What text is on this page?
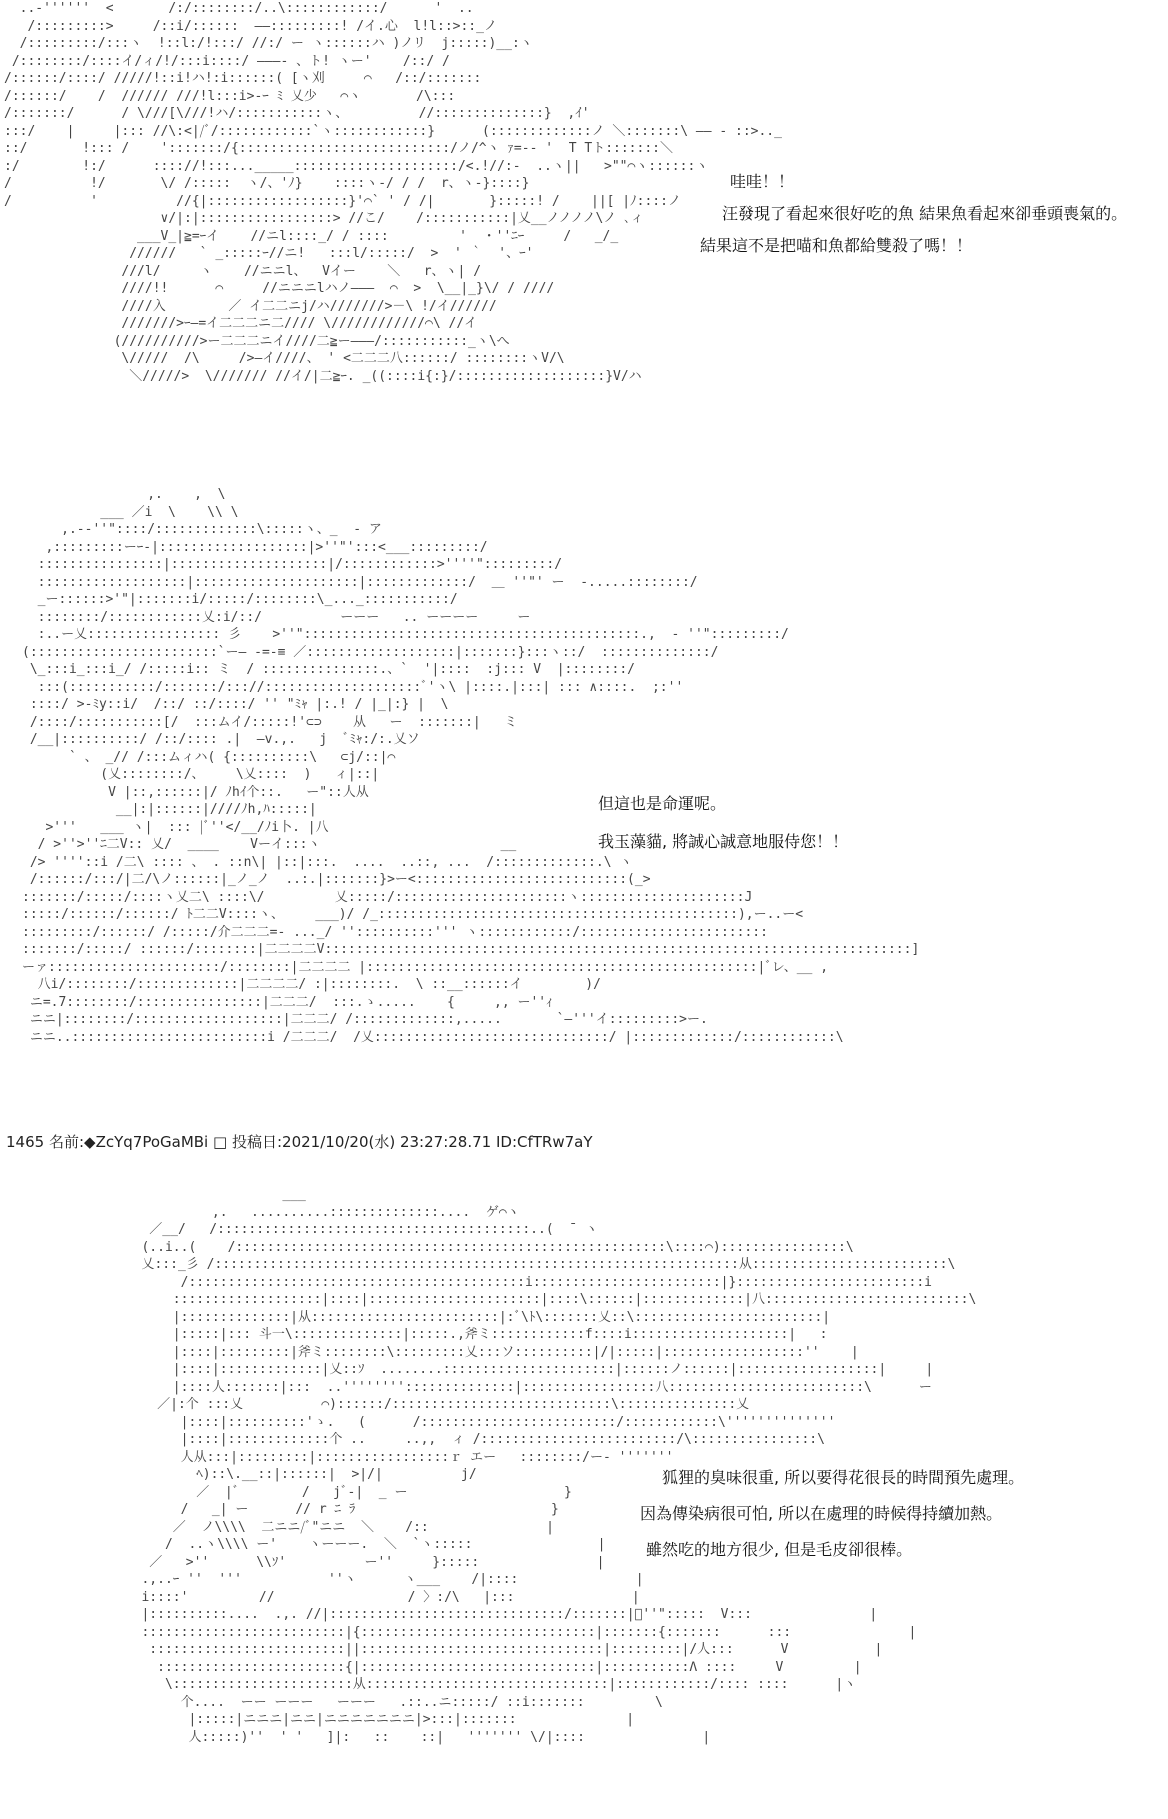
..-''''''  <       /:/::::::::/..\::::::::::::/      '  ..
/:::::::::>     /::i/::::::  ――:::::::::! /イ.心  l!l::>::_ノ
/:::::::::/:::ヽ  !::l:/!:::/ //:/ ー ヽ::::::ハ )ノリ  j:::::)__:ヽ
/::::::::/::::イ/ィ/!/:::i::::/ ―――‐ 、ト! ヽー'    /::/ /
/::::::/::::/ /////!::i!ハ!:i::::::( [ヽ刈     ⌒   /::/:::::::
/::::::/    /  ////// ///!l:::i>‐ｰ ﾐ 乂少   ⌒ヽ       /\:::
/:::::::/      / \///[\///!ハ/:::::::::::ヽ、         //::::::::::::::}  ,ｲ'
:::/    |     |::: //\:<|/ﾞ/::::::::::::`ヽ::::::::::::}      (:::::::::::::ノ ＼:::::::\ ―― - ::>.._
::/       !::: /    ':::::::/{:::::::::::::::::::::::::::/ノ/^ヽ ｧ=-‐ '  T Tト:::::::＼
:/        !:/      :::://!:::..._____:::::::::::::::::::::/<.!//:-  ..ヽ||   >""⌒ヽ::::::ヽ
/          !/       \/ /:::::  ヽ/、'ﾉ}    ::::ヽ-/ / /  r、ヽ-}::::}
/          '          //{|::::::::::::::::::}'⌒` ' / /|       }:::::! /    ||[ |ﾉ::::ノ
∨/|:|:::::::::::::::::> //こ/    /:::::::::::|乂__ノノノノ\ノ ､ィ
___V_|≧=ｰイ    //ニl::::_/ / ::::         '  ・''ﾆｰ     /   _/_
//////   ` _:::::ｰ//ニ!   :::l/:::::/  >  ' ｀  '、ｰ'
///l/     ヽ    //ニニl、  Vイー    ＼   r、ヽ| /
////!!      ⌒     //ニニニlハノ―――  ⌒  >  \__|_}\/ / ////
////入        ／ イ二二ニj/ハ///////>－\ !/イ//////
///////>ｰ―=イ二二二ニ二//// \////////////⌒\ //イ
(//////////>ー二二二ニイ////二≧ー―――/:::::::::::_ヽ\へ
\/////  /\     />―イ////、 ' <二二二八::::::/ ::::::::ヽV/\
＼/////>  \/////// //イ/|二≧ｰ. _((::::i{:}/:::::::::::::::::::}V/ハ
哇哇！！
汪發現了看起來很好吃的魚 結果魚看起來卻垂頭喪氣的。
結果這不是把喵和魚都給雙殺了嗎！！
,.    ,  \
___ ／i  \    \\ \
,.-‐''"::::/:::::::::::::\:::::ヽ、_  - ア
,:::::::::ーｰ-|:::::::::::::::::::|>''"':::<___:::::::::/
::::::::::::::::|::::::::::::::::::::|/::::::::::::>''''":::::::::/
:::::::::::::::::::|:::::::::::::::::::::|:::::::::::::/  ＿ ''"' ー  -.....::::::::/
_ー::::::>'"|:::::::i/:::::/::::::::\_..._:::::::::::/
::::::::/::::::::::::乂:i/::/          ーーー   .. ーーーー     ー
:..ー乂::::::::::::::::: 彡    >''":::::::::::::::::::::::::::::::::::::::::::.,  - ''":::::::::/
(::::::::::::::::::::::::`ー― -=‐≡ ／:::::::::::::::::::|:::::::}:::ヽ::/  ::::::::::::::/
\_:::i_:::i_/ /:::::i:: ミ  / :::::::::::::::.、`  '|::::  :j::: V  |::::::::/
:::(:::::::::::/:::::::/::://::::::::::::::::::::ﾞ'ヽ\ |::::.|:::| ::: ∧::::.  ;:''
::::/ >-ﾐy::i/  /::/ ::/::::/ '' "ﾐｬ |:.! / |_|:} |  \
/::::/:::::::::::[/  :::ムイ/:::::!'⊂⊃    从   ー  :::::::|   ミ
/__|::::::::::/ /::/:::: .|  ―v.,.   j  ﾞﾐｬ:/:.乂ソ
` 、 _// /:::ムィハ( {::::::::::\   ⊂j/::|⌒
(乂::::::::/、    \乂::::  )   ィ|::|
V |::,::::::|/ ﾉhｲ个::.   ー"::人从
__|:|::::::|////ﾉh,ﾊ:::::|
>'''   ___ ヽ|  ::: |ﾞ''</__/ﾉi卜. |八
/ >''>''ﾆ二V:: 乂/  ____    Vーイ:::ヽ                       __
/> ''''::i /二\ :::: 、 . ::n\| |::|:::.  ....  ..::, ...  /:::::::::::::.\ ヽ
/::::::/:::/|二/\ノ::::::|_ノ_ノ  ..:.|:::::::}>ー<:::::::::::::::::::::::::::(_>
:::::::/:::::/::::ヽ乂二\ ::::\/         乂:::::/::::::::::::::::::::::ヽ:::::::::::::::::::::J
:::::/::::::/::::::/ ﾄ二二V::::ヽ、    ___)/ /_::::::::::::::::::::::::::::::::::::::::::::::),ー..ー<
:::::::::/::::::/ /:::::/介二二二=- ..._/ ''::::::::::''' ヽ::::::::::::/::::::::::::::::::::::::
:::::::/:::::/ ::::::/::::::::|二二二二V:::::::::::::::::::::::::::::::::::::::::::::::::::::::::::::::::::::::::::]
ーァ::::::::::::::::::::::/::::::::|二二二二 |::::::::::::::::::::::::::::::::::::::::::::::::::|ﾞレ、__ ,
八i/::::::::/:::::::::::::|二二二二/ :|::::::::.  \ ::__::::::イ        )/
ニ=.7::::::::/::::::::::::::::|二二二/  :::.ゝ.....    {     ,, ー''ｨ
ニニ|::::::::/:::::::::::::::::::|二二二/ /:::::::::::::,.....       `―'''イ:::::::::>ー.
ニニ..:::::::::::::::::::::::::i /二二二/  /乂::::::::::::::::::::::::::::::/ |:::::::::::::/::::::::::::\
但這也是命運呢。
我玉藻貓, 將誠心誠意地服侍您！！
1465 名前:◆ZcYq7PoGaMBi □ 投稿日:2021/10/20(水) 23:27:28.71 ID:CfTRw7aY
___
,.   ..........::::::::::::::....  ゲ⌒ヽ
／__/   /::::::::::::::::::::::::::::::::::::::::..(  ̄  ヽ
(..i..(    /:::::::::::::::::::::::::::::::::::::::::::::::::::::::\::::⌒)::::::::::::::::\
乂:::_彡 /:::::::::::::::::::::::::::::::::::::::::::::::::::::::::::::::::::从:::::::::::::::::::::::::\
/:::::::::::::::::::::::::::::::::::::::::::i::::::::::::::::::::::::|}::::::::::::::::::::::::i
:::::::::::::::::::|::::|::::::::::::::::::::::|::::\::::::|:::::::::::::|八::::::::::::::::::::::::::\
|::::::::::::::|从::::::::::::::::::::::::|:ﾞ\ﾄ\:::::::乂::\::::::::::::::::::::::::|
|:::::|::: 斗一\::::::::::::::|:::::.,斧ミ::::::::::::f::::i::::::::::::::::::::|   :
|::::|:::::::::|斧ミ::::::::\:::::::::乂:::ソ::::::::::|/|:::::|::::::::::::::::::''    |
|::::|:::::::::::::|乂::ｿ  ........::::::::::::::::::::::|::::::ノ::::::|::::::::::::::::::|     |
|::::人:::::::|:::  ..''''''''::::::::::::::|:::::::::::::::::八:::::::::::::::::::::::::\      ー
／|:个 :::乂          ⌒)::::::/::::::::::::::::::::::::::::\:::::::::::::::乂
|::::|::::::::::'ゝ.   (      /:::::::::::::::::::::::::/::::::::::::\''''''''''''''
|::::|:::::::::::::个 ..     ..,,  ィ /:::::::::::::::::::::::::/\::::::::::::::::\
人从:::|:::::::::|:::::::::::::::::ｒ エー   ::::::::/ー‐ '''''''
ﾍ)::\.__::|::::::|  >|/|          j/
／  |ﾞ        /   jﾞ-|  _ ー                    }
/   _| ー      // r ﾆ ﾗ                         }
／  ノ\\\\  二ニニ/ﾞ"ニニ  ＼    /::               |
/  ..ヽ\\\\ ー'    ヽーーー.  ＼  `ヽ:::::                |
／   >''      \\ｿ'          ー''     }:::::               |
.,..ｰ ''  '''           ''ヽ      ヽ___    /|::::               |
i::::'         //                 / 〉:/\   |:::               |
|::::::::::....  .,. //|::::::::::::::::::::::::::::::/:::::::|ﾞ''":::::  V:::               |
::::::::::::::::::::::::::|{::::::::::::::::::::::::::::::|:::::::{:::::::      :::               |
:::::::::::::::::::::::::||:::::::::::::::::::::::::::::::|:::::::::|/人:::      V           |
::::::::::::::::::::::::{|::::::::::::::::::::::::::::::|:::::::::::Λ ::::     V         |
\:::::::::::::::::::::::从:::::::::::::::::::::::::::::::|::::::::::::/:::: ::::      |ヽ
个....  ーー ーーー   ーーー   .::..ニ:::::/ ::i:::::::         \
|:::::|ニニニ|ニニ|ニニニニニニニ|>:::|:::::::              |
人:::::)''  ' '   ]|:   ::    ::|   ''''''' \/|::::               |
狐狸的臭味很重, 所以要得花很長的時間預先處理。
因為傳染病很可怕, 所以在處理的時候得持續加熱。
雖然吃的地方很少, 但是毛皮卻很棒。
